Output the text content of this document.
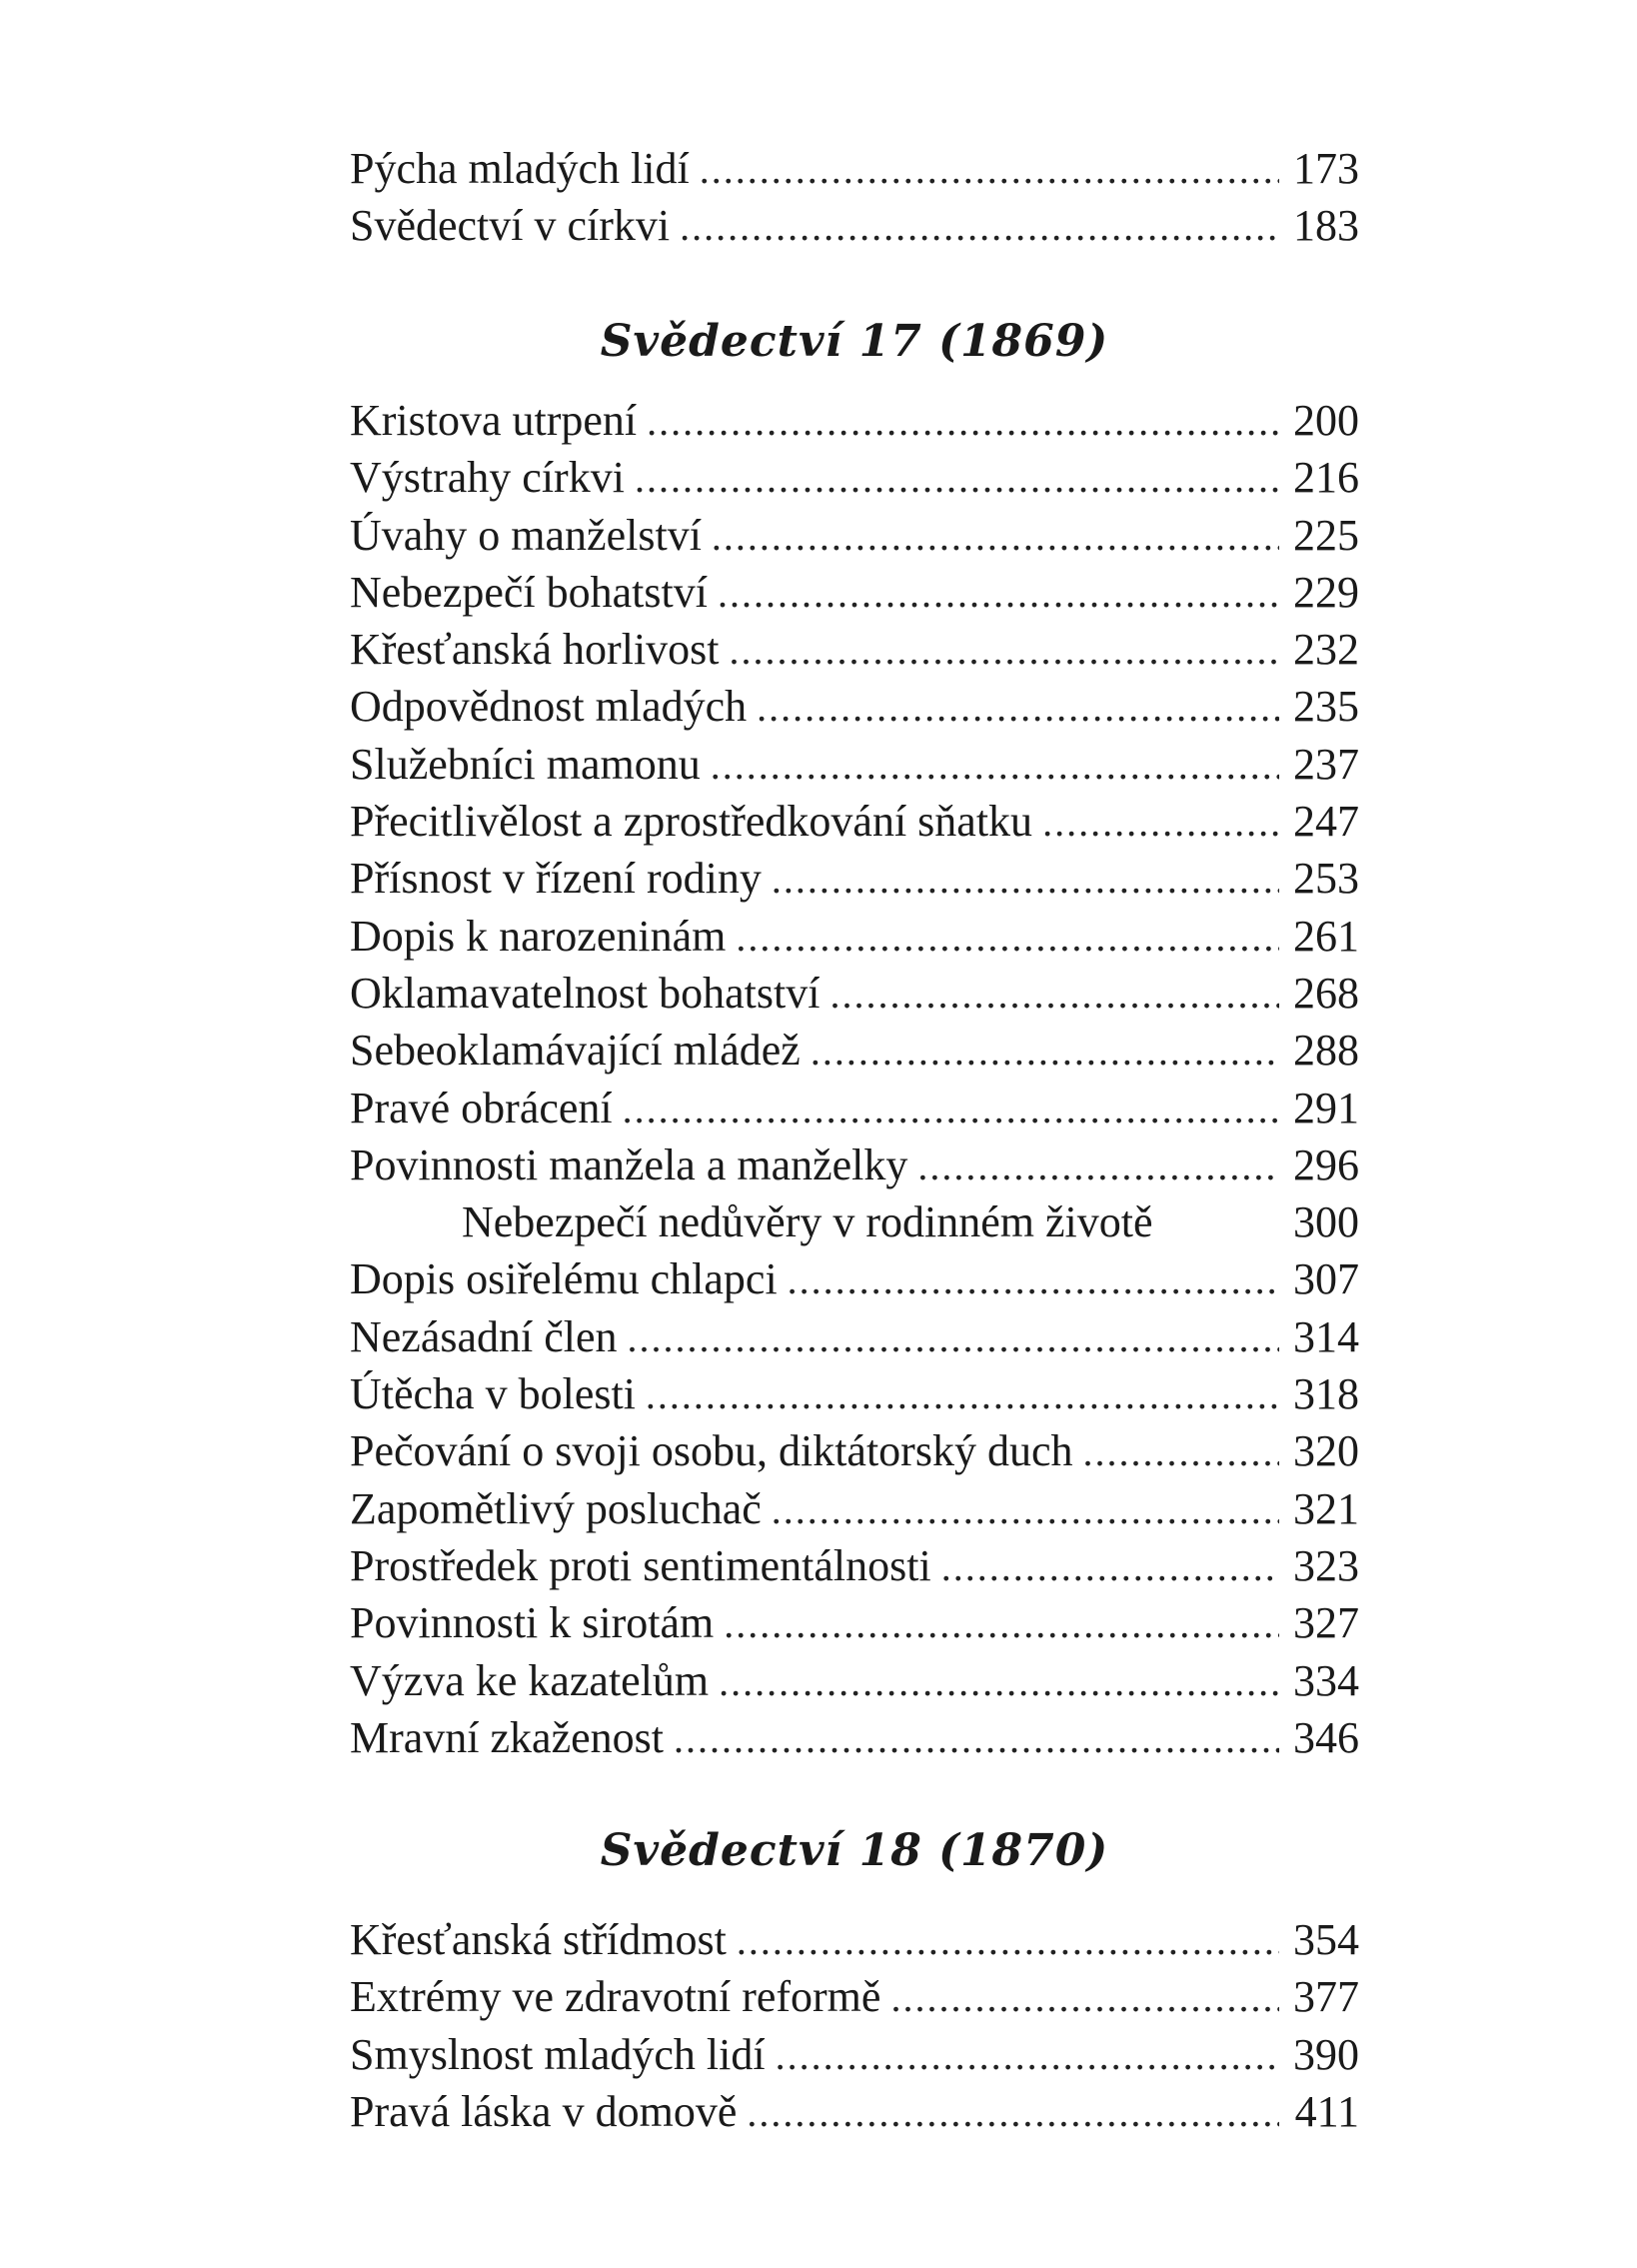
Pýcha mladých lidí .....	173
Svědectví v církvi .....	183
Svědectví 17 (1869)
Kristova utrpení .....	200
Výstrahy církvi .....	216
Úvahy o manželství .....	225
Nebezpečí bohatství .....	229
Křesťanská horlivost .....	232
Odpovědnost mladých .....	235
Služebníci mamonu .....	237
Přecitlivělost a zprostředkování sňatku .....	247
Přísnost v řízení rodiny .....	253
Dopis k narozeninám .....	261
Oklamavatelnost bohatství .....	268
Sebeoklamávající mládež .....	288
Pravé obrácení .....	291
Povinnosti manžela a manželky .....	296
Nebezpečí nedůvěry v rodinném životě	300
Dopis osiřelému chlapci .....	307
Nezásadní člen .....	314
Útěcha v bolesti .....	318
Pečování o svoji osobu, diktátorský duch .....	320
Zapomětlivý posluchač .....	321
Prostředek proti sentimentálnosti .....	323
Povinnosti k sirotám .....	327
Výzva ke kazatelům .....	334
Mravní zkaženost .....	346
Svědectví 18 (1870)
Křesťanská střídmost .....	354
Extrémy ve zdravotní reformě .....	377
Smyslnost mladých lidí .....	390
Pravá láska v domově .....	411
